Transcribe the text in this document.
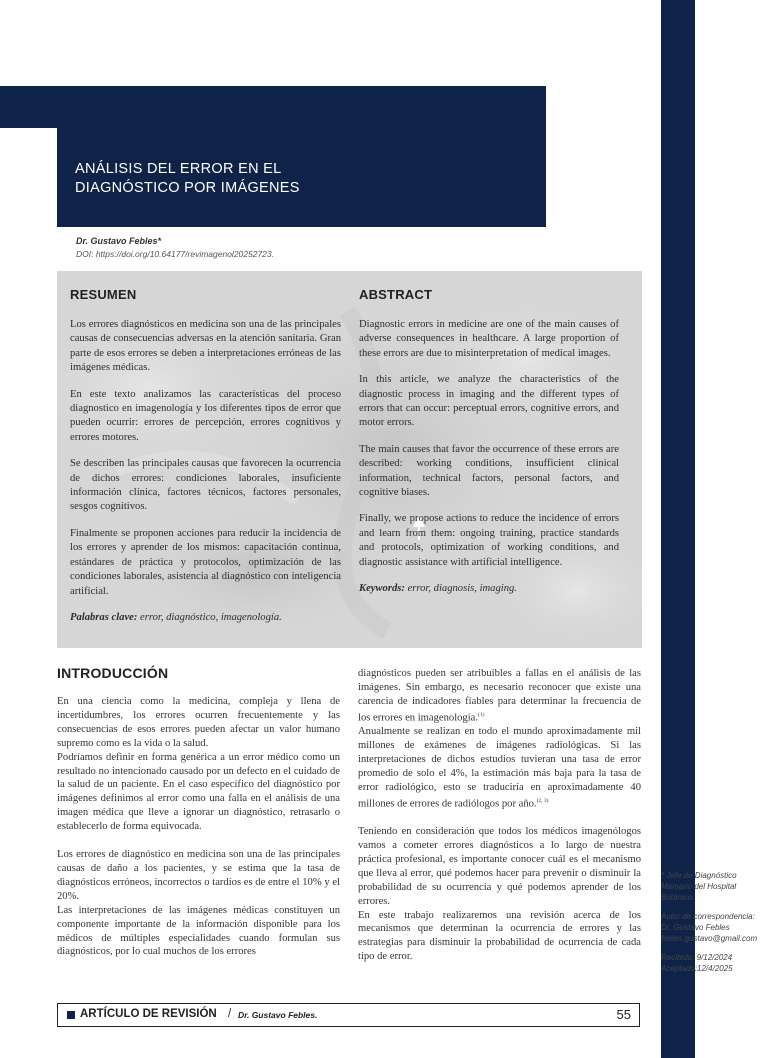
ANÁLISIS DEL ERROR EN EL
DIAGNÓSTICO POR IMÁGENES
Dr. Gustavo Febles*
DOI: https://doi.org/10.64177/revimagenol20252723.
RESUMEN	ABSTRACT

Los errores diagnósticos en medicina son una de las principales causas de consecuencias adversas en la atención sanitaria. Gran parte de esos errores se deben a interpretaciones erróneas de las imágenes médicas.

En este texto analizamos las características del proceso diagnostico en imagenología y los diferentes tipos de error que pueden ocurrir: errores de percepción, errores cognitivos y errores motores.

Se describen las principales causas que favorecen la ocurrencia de dichos errores: condiciones laborales, insuficiente información clínica, factores técnicos, factores personales, sesgos cognitivos.

Finalmente se proponen acciones para reducir la incidencia de los errores y aprender de los mismos: capacitación continua, estándares de práctica y protocolos, optimización de las condiciones laborales, asistencia al diagnóstico con inteligencia artificial.

Palabras clave: error, diagnóstico, imagenología.

Diagnostic errors in medicine are one of the main causes of adverse consequences in healthcare. A large proportion of these errors are due to misinterpretation of medical images.

In this article, we analyze the characteristics of the diagnostic process in imaging and the different types of errors that can occur: perceptual errors, cognitive errors, and motor errors.

The main causes that favor the occurrence of these errors are described: working conditions, insufficient clinical information, technical factors, personal factors, and cognitive biases.

Finally, we propose actions to reduce the incidence of errors and learn from them: ongoing training, practice standards and protocols, optimization of working conditions, and diagnostic assistance with artificial intelligence.

Keywords: error, diagnosis, imaging.

INTRODUCCIÓN

En una ciencia como la medicina, compleja y llena de incertidumbres, los errores ocurren frecuentemente y las consecuencias de esos errores pueden afectar un valor humano supremo como es la vida o la salud.

Podríamos definir en forma genérica a un error médico como un resultado no intencionado causado por un defecto en el cuidado de la salud de un paciente. En el caso específico del diagnóstico por imágenes definimos al error como una falla en el análisis de una imagen médica que lleve a ignorar un diagnóstico, retrasarlo o establecerlo de forma equivocada.

Los errores de diagnóstico en medicina son una de las principales causas de daño a los pacientes, y se estima que la tasa de diagnósticos erróneos, incorrectos o tardíos es de entre el 10% y el 20%.

Las interpretaciones de las imágenes médicas constituyen un componente importante de la información disponible para los médicos de múltiples especialidades cuando formulan sus diagnósticos, por lo cual muchos de los errores

diagnósticos pueden ser atribuibles a fallas en el análisis de las imágenes. Sin embargo, es necesario reconocer que existe una carencia de indicadores fiables para determinar la frecuencia de los errores en imagenología.$^{(1)}$

Anualmente se realizan en todo el mundo aproximadamente mil millones de exámenes de imágenes radiológicas. Si las interpretaciones de dichos estudios tuvieran una tasa de error promedio de solo el 4%, la estimación más baja para la tasa de error radiológico, esto se traduciría en aproximadamente 40 millones de errores de radiólogos por año.$^{(2, 3)}$

Teniendo en consideración que todos los médicos imagenólogos vamos a cometer errores diagnósticos a lo largo de nuestra práctica profesional, es importante conocer cuál es el mecanismo que lleva al error, qué podemos hacer para prevenir o disminuir la probabilidad de su ocurrencia y qué podemos aprender de los errores.

En este trabajo realizaremos una revisión acerca de los mecanismos que determinan la ocurrencia de errores y las estrategias para disminuir la probabilidad de ocurrencia de cada tipo de error.

* Jefe de Diagnóstico Mamario del Hospital Británico.

Autor de correspondencia:
Dr. Gustavo Febles
febles.gustavo@gmail.com

Recibido: 9/12/2024
Aceptado:12/4/2025

ARTÍCULO DE REVISIÓN / Dr. Gustavo Febles.	55
